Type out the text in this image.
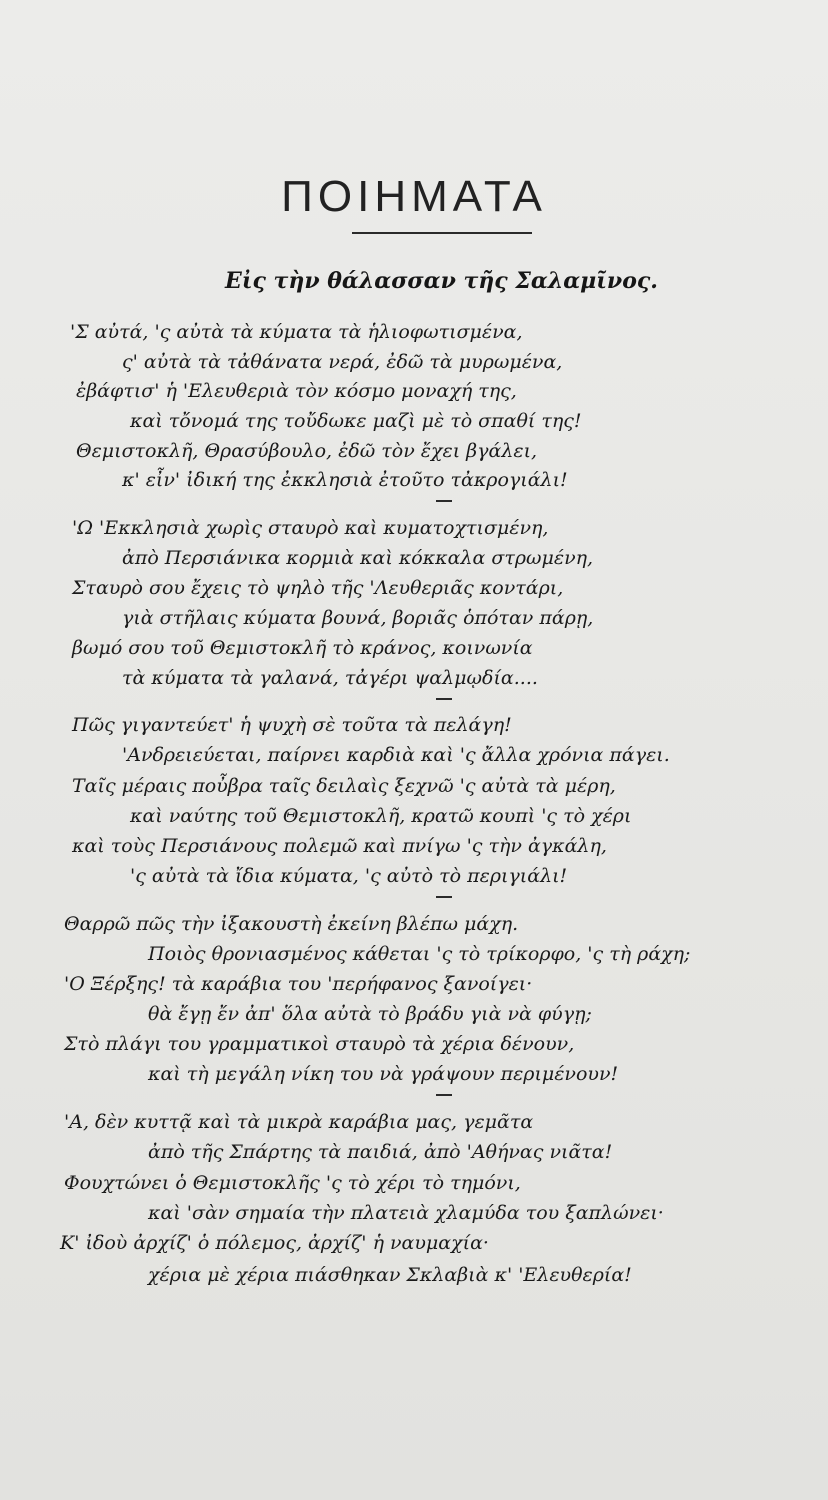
ΠΟΙΗΜΑΤΑ
Εἰς τὴν θάλασσαν τῆς Σαλαμῖνος.
'Σ αὐτά, 'ς αὐτὰ τὰ κύματα τὰ ἡλιοφωτισμένα,
ς' αὐτὰ τὰ τἀθάνατα νερά, ἐδῶ τὰ μυρωμένα,
ἐβάφτισ' ἡ 'Ελευθεριὰ τὸν κόσμο μοναχή της,
καὶ τὄνομά της τοὔδωκε μαζὶ μὲ τὸ σπαθί της!
Θεμιστοκλῆ, Θρασύβουλο, ἐδῶ τὸν ἔχει βγάλει,
κ' εἶν' ἰδική της ἐκκλησιὰ ἐτοῦτο τἀκρογιάλι!
'Ω 'Εκκλησιὰ χωρὶς σταυρὸ καὶ κυματοχτισμένη,
ἀπὸ Περσιάνικα κορμιὰ καὶ κόκκαλα στρωμένη,
Σταυρὸ σου ἔχεις τὸ ψηλὸ τῆς 'Λευθεριᾶς κοντάρι,
γιὰ στῆλαις κύματα βουνά, βοριᾶς ὁπόταν πάρῃ,
βωμό σου τοῦ Θεμιστοκλῆ τὸ κράνος, κοινωνία
τὰ κύματα τὰ γαλανά, τἀγέρι ψαλμῳδία....
Πῶς γιγαντεύετ' ἡ ψυχὴ σὲ τοῦτα τὰ πελάγη!
'Ανδρειεύεται, παίρνει καρδιὰ καὶ 'ς ἄλλα χρόνια πάγει.
Ταῖς μέραις ποὖβρα ταῖς δειλαὶς ξεχνῶ 'ς αὐτὰ τὰ μέρη,
καὶ ναύτης τοῦ Θεμιστοκλῆ, κρατῶ κουπὶ 'ς τὸ χέρι
καὶ τοὺς Περσιάνους πολεμῶ καὶ πνίγω 'ς τὴν ἀγκάλη,
'ς αὐτὰ τὰ ἴδια κύματα, 'ς αὐτὸ τὸ περιγιάλι!
Θαρρῶ πῶς τὴν ἰξακουστὴ ἐκείνη βλέπω μάχη.
Ποιὸς θρονιασμένος κάθεται 'ς τὸ τρίκορφο, 'ς τὴ ράχη;
'Ο Ξέρξης! τὰ καράβια του 'περήφανος ξανοίγει·
θὰ ἔγῃ ἔν ἀπ' ὅλα αὐτὰ τὸ βράδυ γιὰ νὰ φύγῃ;
Στὸ πλάγι του γραμματικοὶ σταυρὸ τὰ χέρια δένουν,
καὶ τὴ μεγάλη νίκη του νὰ γράψουν περιμένουν!
'Α, δὲν κυττᾷ καὶ τὰ μικρὰ καράβια μας, γεμᾶτα
ἀπὸ τῆς Σπάρτης τὰ παιδιά, ἀπὸ 'Αθήνας νιᾶτα!
Φουχτώνει ὁ Θεμιστοκλῆς 'ς τὸ χέρι τὸ τημόνι,
καὶ 'σὰν σημαία τὴν πλατειὰ χλαμύδα του ξαπλώνει·
Κ' ἰδοὺ ἀρχίζ' ὁ πόλεμος, ἀρχίζ' ἡ ναυμαχία·
χέρια μὲ χέρια πιάσθηκαν Σκλαβιὰ κ' 'Ελευθερία!
